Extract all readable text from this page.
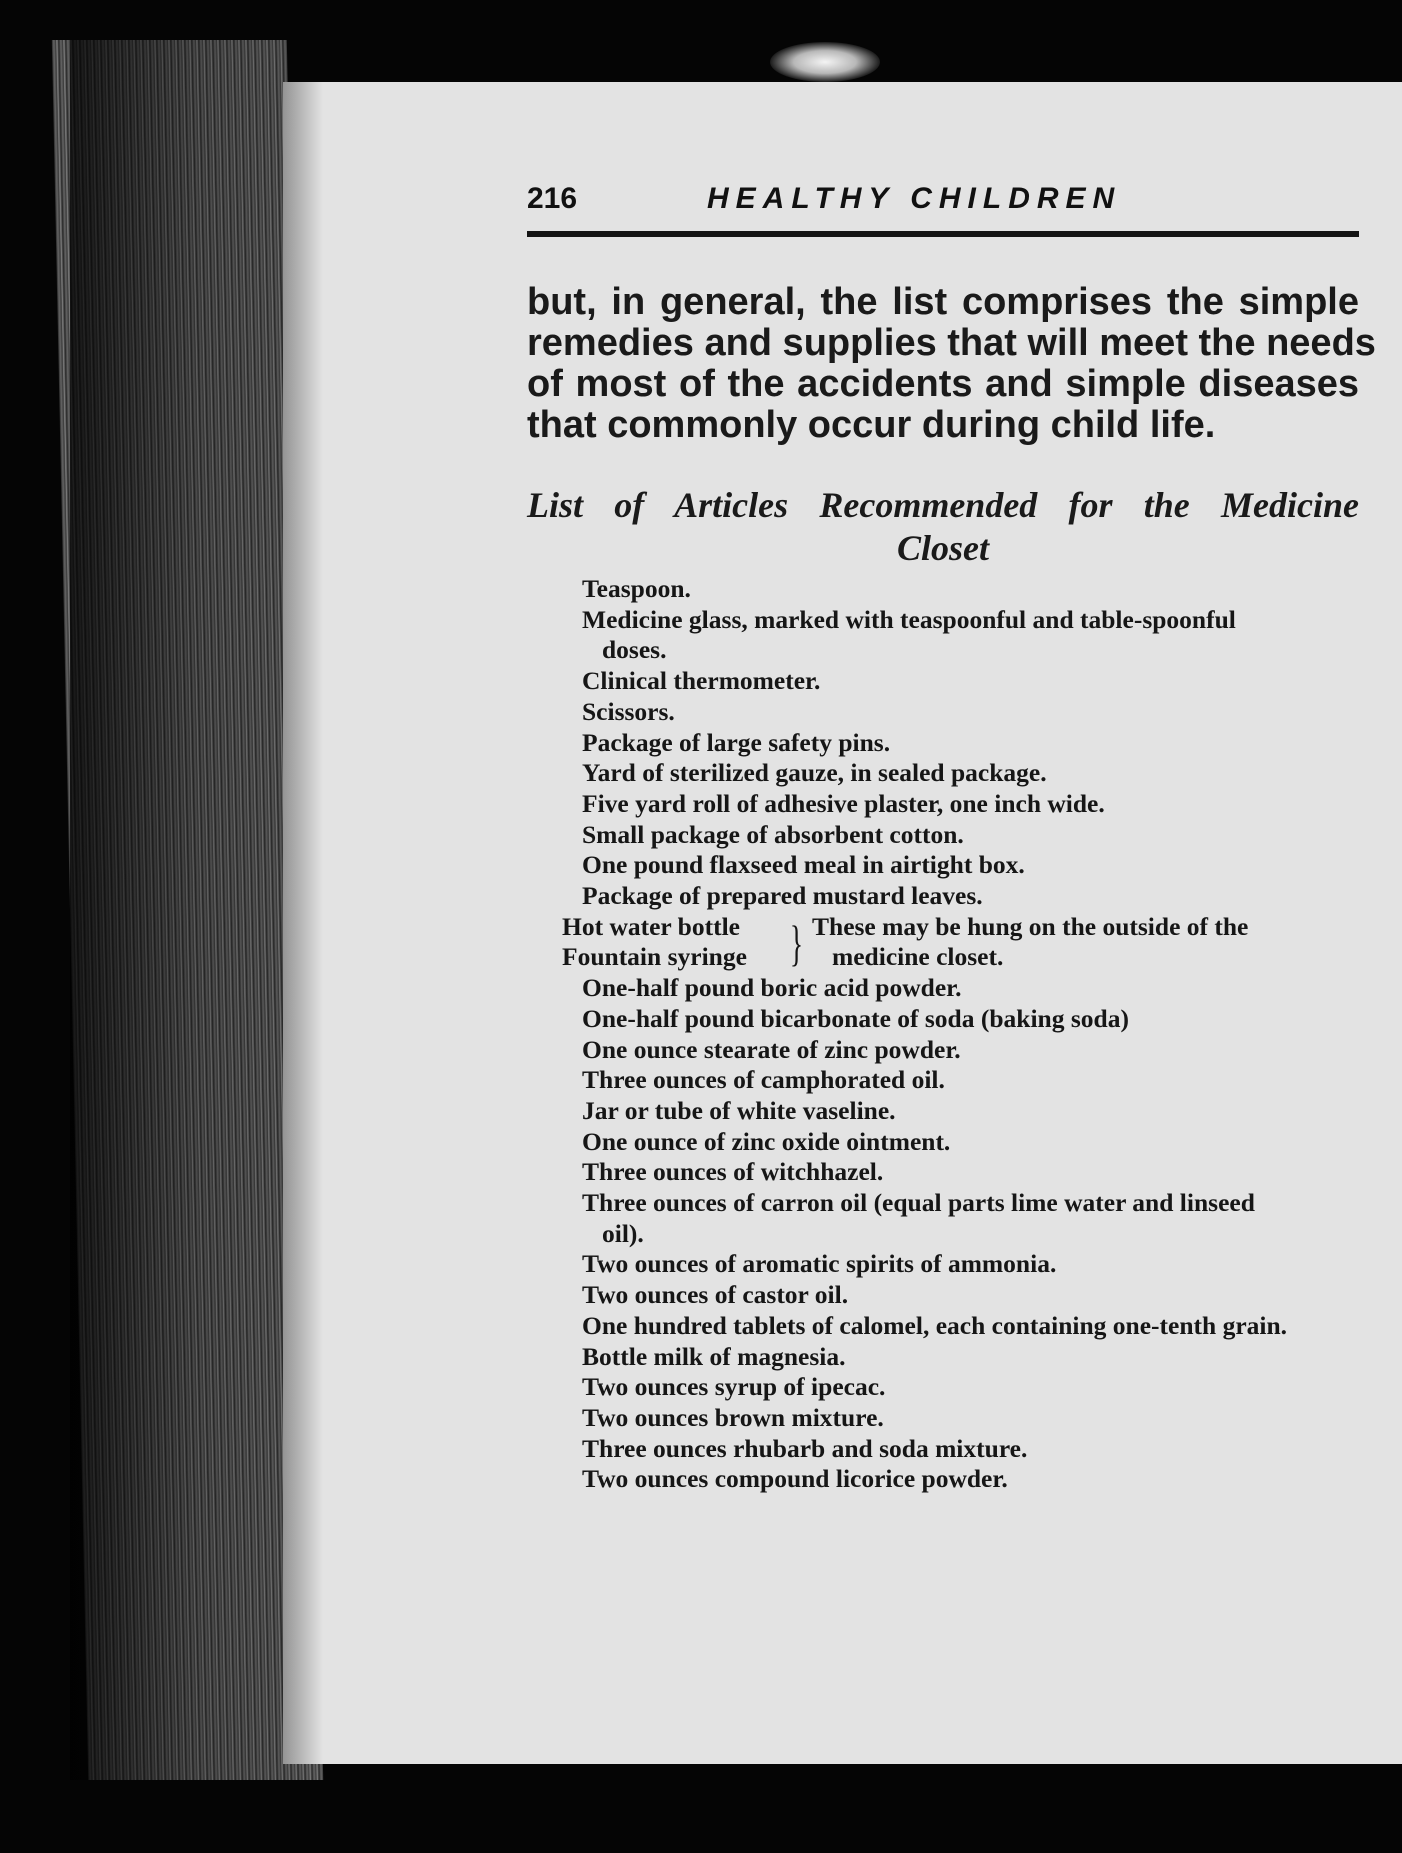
216	HEALTHY CHILDREN
but, in general, the list comprises the simple
remedies and supplies that will meet the needs
of most of the accidents and simple diseases
that commonly occur during child life.
List of Articles Recommended for the Medicine
Closet
Teaspoon.
Medicine glass, marked with teaspoonful and table-spoonful doses.
Clinical thermometer.
Scissors.
Package of large safety pins.
Yard of sterilized gauze, in sealed package.
Five yard roll of adhesive plaster, one inch wide.
Small package of absorbent cotton.
One pound flaxseed meal in airtight box.
Package of prepared mustard leaves.
Hot water bottle
Fountain syringe } These may be hung on the outside of the medicine closet.
One-half pound boric acid powder.
One-half pound bicarbonate of soda (baking soda)
One ounce stearate of zinc powder.
Three ounces of camphorated oil.
Jar or tube of white vaseline.
One ounce of zinc oxide ointment.
Three ounces of witchhazel.
Three ounces of carron oil (equal parts lime water and linseed oil).
Two ounces of aromatic spirits of ammonia.
Two ounces of castor oil.
One hundred tablets of calomel, each containing one-tenth grain.
Bottle milk of magnesia.
Two ounces syrup of ipecac.
Two ounces brown mixture.
Three ounces rhubarb and soda mixture.
Two ounces compound licorice powder.
